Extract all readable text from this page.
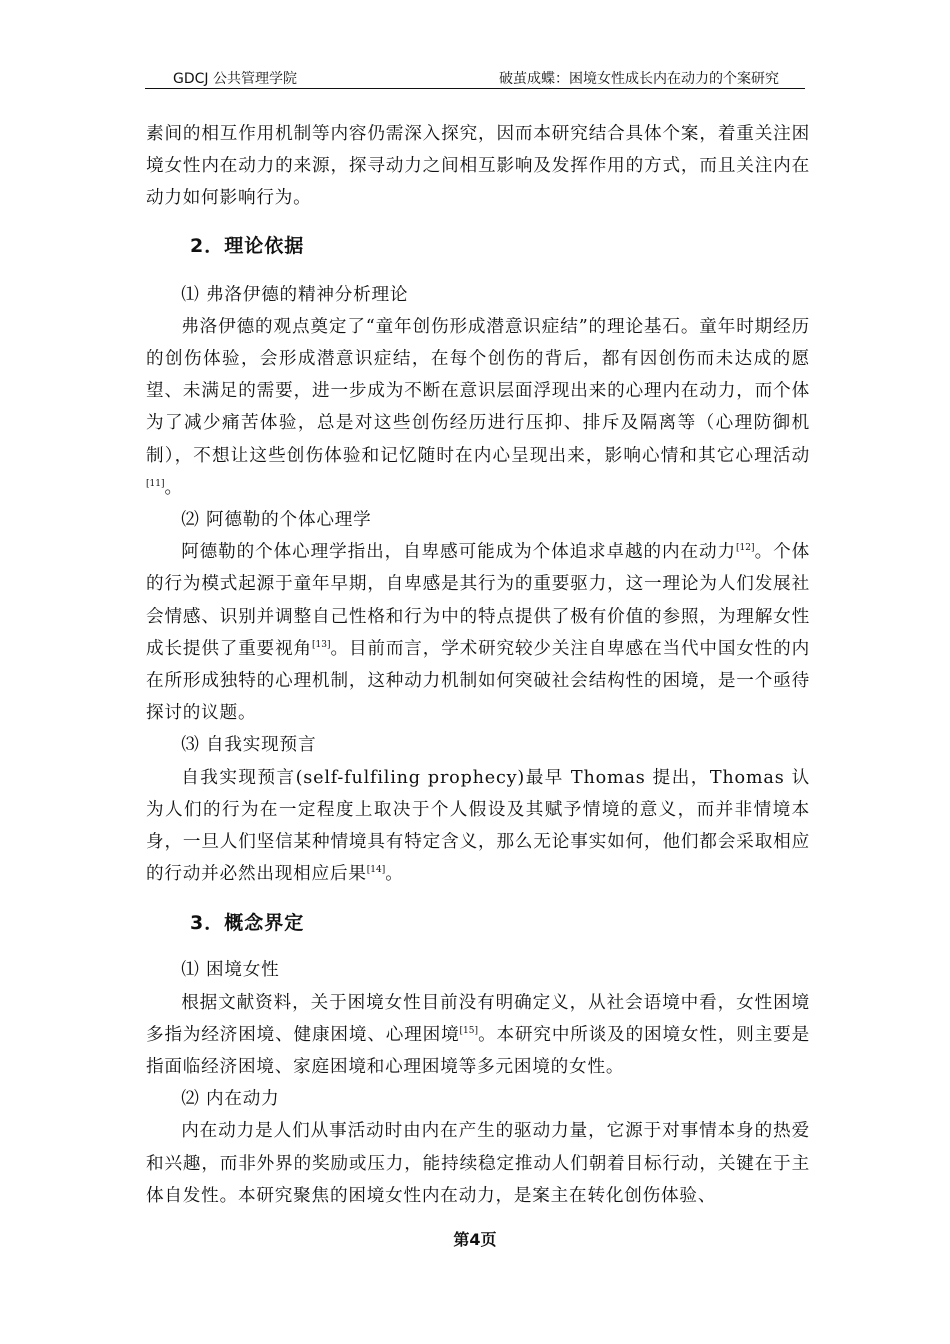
GDCJ 公共管理学院	破茧成蝶：困境女性成长内在动力的个案研究

素间的相互作用机制等内容仍需深入探究，因而本研究结合具体个案，着重关注困境女性内在动力的来源，探寻动力之间相互影响及发挥作用的方式，而且关注内在动力如何影响行为。

2．理论依据

⑴ 弗洛伊德的精神分析理论

弗洛伊德的观点奠定了“童年创伤形成潜意识症结”的理论基石。童年时期经历的创伤体验，会形成潜意识症结，在每个创伤的背后，都有因创伤而未达成的愿望、未满足的需要，进一步成为不断在意识层面浮现出来的心理内在动力，而个体为了减少痛苦体验，总是对这些创伤经历进行压抑、排斥及隔离等（心理防御机制），不想让这些创伤体验和记忆随时在内心呈现出来，影响心情和其它心理活动[11]。

⑵ 阿德勒的个体心理学

阿德勒的个体心理学指出，自卑感可能成为个体追求卓越的内在动力[12]。个体的行为模式起源于童年早期，自卑感是其行为的重要驱力，这一理论为人们发展社会情感、识别并调整自己性格和行为中的特点提供了极有价值的参照，为理解女性成长提供了重要视角[13]。目前而言，学术研究较少关注自卑感在当代中国女性的内在所形成独特的心理机制，这种动力机制如何突破社会结构性的困境，是一个亟待探讨的议题。

⑶ 自我实现预言

自我实现预言(self-fulfiling prophecy)最早 Thomas 提出，Thomas 认为人们的行为在一定程度上取决于个人假设及其赋予情境的意义，而并非情境本身，一旦人们坚信某种情境具有特定含义，那么无论事实如何，他们都会采取相应的行动并必然出现相应后果[14]。

3．概念界定

⑴ 困境女性

根据文献资料，关于困境女性目前没有明确定义，从社会语境中看，女性困境多指为经济困境、健康困境、心理困境[15]。本研究中所谈及的困境女性，则主要是指面临经济困境、家庭困境和心理困境等多元困境的女性。

⑵ 内在动力

内在动力是人们从事活动时由内在产生的驱动力量，它源于对事情本身的热爱和兴趣，而非外界的奖励或压力，能持续稳定推动人们朝着目标行动，关键在于主体自发性。本研究聚焦的困境女性内在动力，是案主在转化创伤体验、

第4页
